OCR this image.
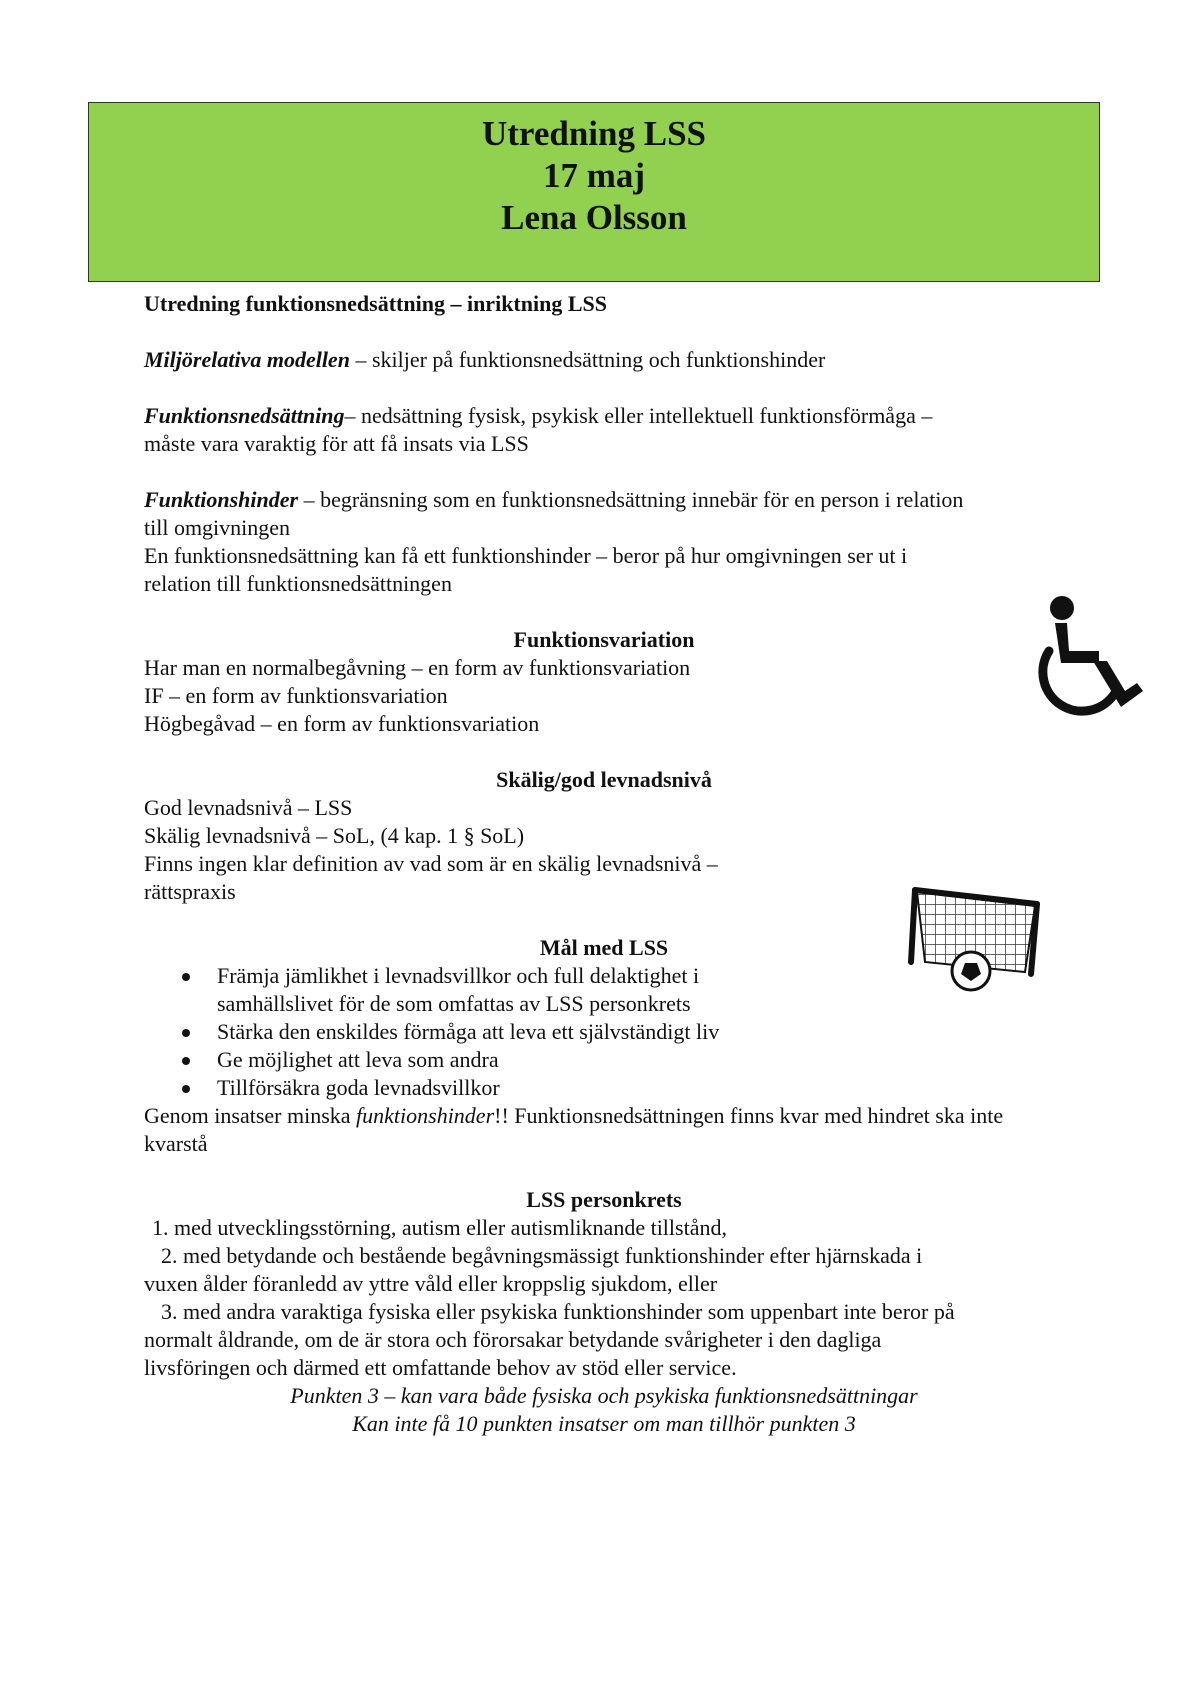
Utredning LSS
17 maj
Lena Olsson

Utredning funktionsnedsättning – inriktning LSS

Miljörelativa modellen – skiljer på funktionsnedsättning och funktionshinder

Funktionsnedsättning– nedsättning fysisk, psykisk eller intellektuell funktionsförmåga –

måste vara varaktig för att få insats via LSS

Funktionshinder – begränsning som en funktionsnedsättning innebär för en person i relation

till omgivningen

En funktionsnedsättning kan få ett funktionshinder – beror på hur omgivningen ser ut i

relation till funktionsnedsättningen

Funktionsvariation

Har man en normalbegåvning – en form av funktionsvariation

IF – en form av funktionsvariation

Högbegåvad – en form av funktionsvariation

Skälig/god levnadsnivå

God levnadsnivå – LSS

Skälig levnadsnivå – SoL, (4 kap. 1 § SoL)

Finns ingen klar definition av vad som är en skälig levnadsnivå –

rättspraxis

Mål med LSS

Främja jämlikhet i levnadsvillkor och full delaktighet i samhällslivet för de som omfattas av LSS personkrets
Stärka den enskildes förmåga att leva ett självständigt liv
Ge möjlighet att leva som andra
Tillförsäkra goda levnadsvillkor

Genom insatser minska funktionshinder!! Funktionsnedsättningen finns kvar med hindret ska inte kvarstå

LSS personkrets

1. med utvecklingsstörning, autism eller autismliknande tillstånd,

2. med betydande och bestående begåvningsmässigt funktionshinder efter hjärnskada i

vuxen ålder föranledd av yttre våld eller kroppslig sjukdom, eller

3. med andra varaktiga fysiska eller psykiska funktionshinder som uppenbart inte beror på

normalt åldrande, om de är stora och förorsakar betydande svårigheter i den dagliga

livsföringen och därmed ett omfattande behov av stöd eller service.

Punkten 3 – kan vara både fysiska och psykiska funktionsnedsättningar

Kan inte få 10 punkten insatser om man tillhör punkten 3
